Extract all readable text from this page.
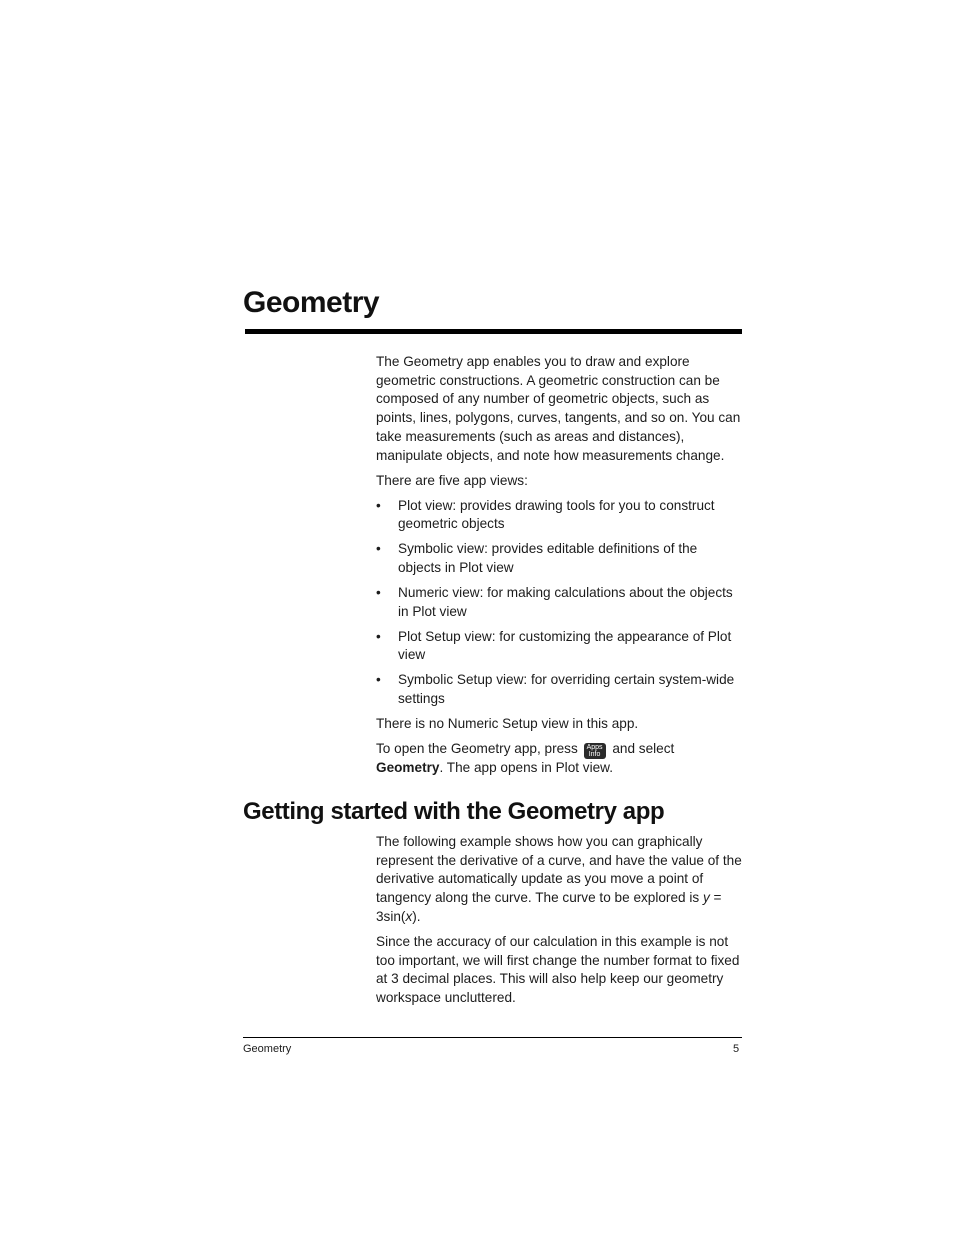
Geometry

The Geometry app enables you to draw and explore geometric constructions. A geometric construction can be composed of any number of geometric objects, such as points, lines, polygons, curves, tangents, and so on. You can take measurements (such as areas and distances), manipulate objects, and note how measurements change.

There are five app views:

• Plot view: provides drawing tools for you to construct geometric objects
• Symbolic view: provides editable definitions of the objects in Plot view
• Numeric view: for making calculations about the objects in Plot view
• Plot Setup view: for customizing the appearance of Plot view
• Symbolic Setup view: for overriding certain system-wide settings

There is no Numeric Setup view in this app.

To open the Geometry app, press	Apps
Info and select Geometry. The app opens in Plot view.

Getting started with the Geometry app

The following example shows how you can graphically represent the derivative of a curve, and have the value of the derivative automatically update as you move a point of tangency along the curve. The curve to be explored is y = 3sin(x).

Since the accuracy of our calculation in this example is not too important, we will first change the number format to fixed at 3 decimal places. This will also help keep our geometry workspace uncluttered.

Geometry	5
